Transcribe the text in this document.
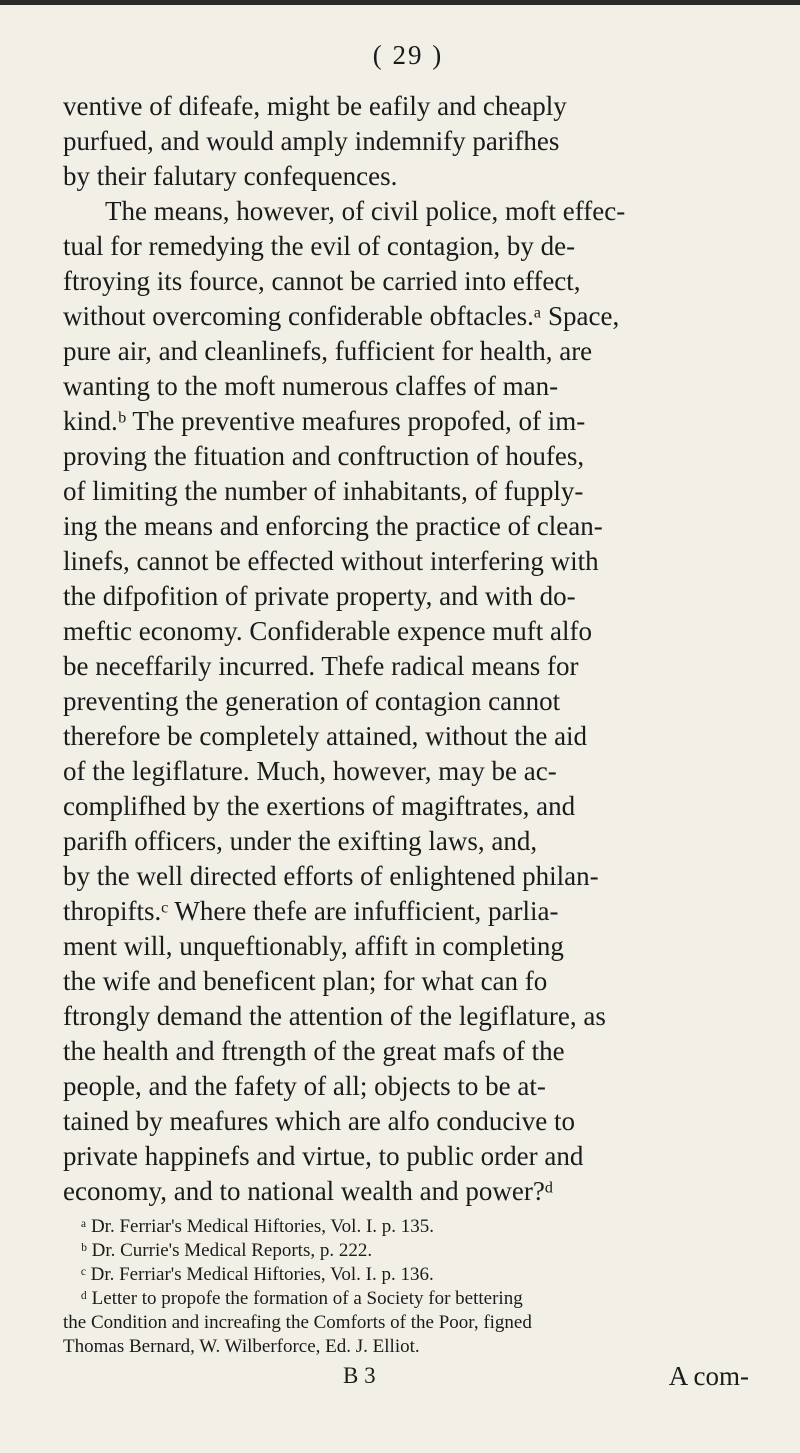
( 29 )
ventive of difeafe, might be eafily and cheaply
purfued, and would amply indemnify parifhes
by their falutary confequences.
The means, however, of civil police, moft effec-
tual for remedying the evil of contagion, by de-
ftroying its fource, cannot be carried into effect,
without overcoming confiderable obftacles.ᵃ Space,
pure air, and cleanlinefs, fufficient for health, are
wanting to the moft numerous claffes of man-
kind.ᵇ The preventive meafures propofed, of im-
proving the fituation and conftruction of houfes,
of limiting the number of inhabitants, of fupply-
ing the means and enforcing the practice of clean-
linefs, cannot be effected without interfering with
the difpofition of private property, and with do-
meftic economy. Confiderable expence muft alfo
be neceffarily incurred. Thefe radical means for
preventing the generation of contagion cannot
therefore be completely attained, without the aid
of the legiflature. Much, however, may be ac-
complifhed by the exertions of magiftrates, and
parifh officers, under the exifting laws, and,
by the well directed efforts of enlightened philan-
thropifts.ᶜ Where thefe are infufficient, parlia-
ment will, unqueftionably, affift in completing
the wife and beneficent plan; for what can fo
ftrongly demand the attention of the legiflature, as
the health and ftrength of the great mafs of the
people, and the fafety of all; objects to be at-
tained by meafures which are alfo conducive to
private happinefs and virtue, to public order and
economy, and to national wealth and power?ᵈ
ᵃ Dr. Ferriar's Medical Hiftories, Vol. I. p. 135.
ᵇ Dr. Currie's Medical Reports, p. 222.
ᶜ Dr. Ferriar's Medical Hiftories, Vol. I. p. 136.
ᵈ Letter to propofe the formation of a Society for bettering
the Condition and increafing the Comforts of the Poor, figned
Thomas Bernard, W. Wilberforce, Ed. J. Elliot.
B 3	A com-
